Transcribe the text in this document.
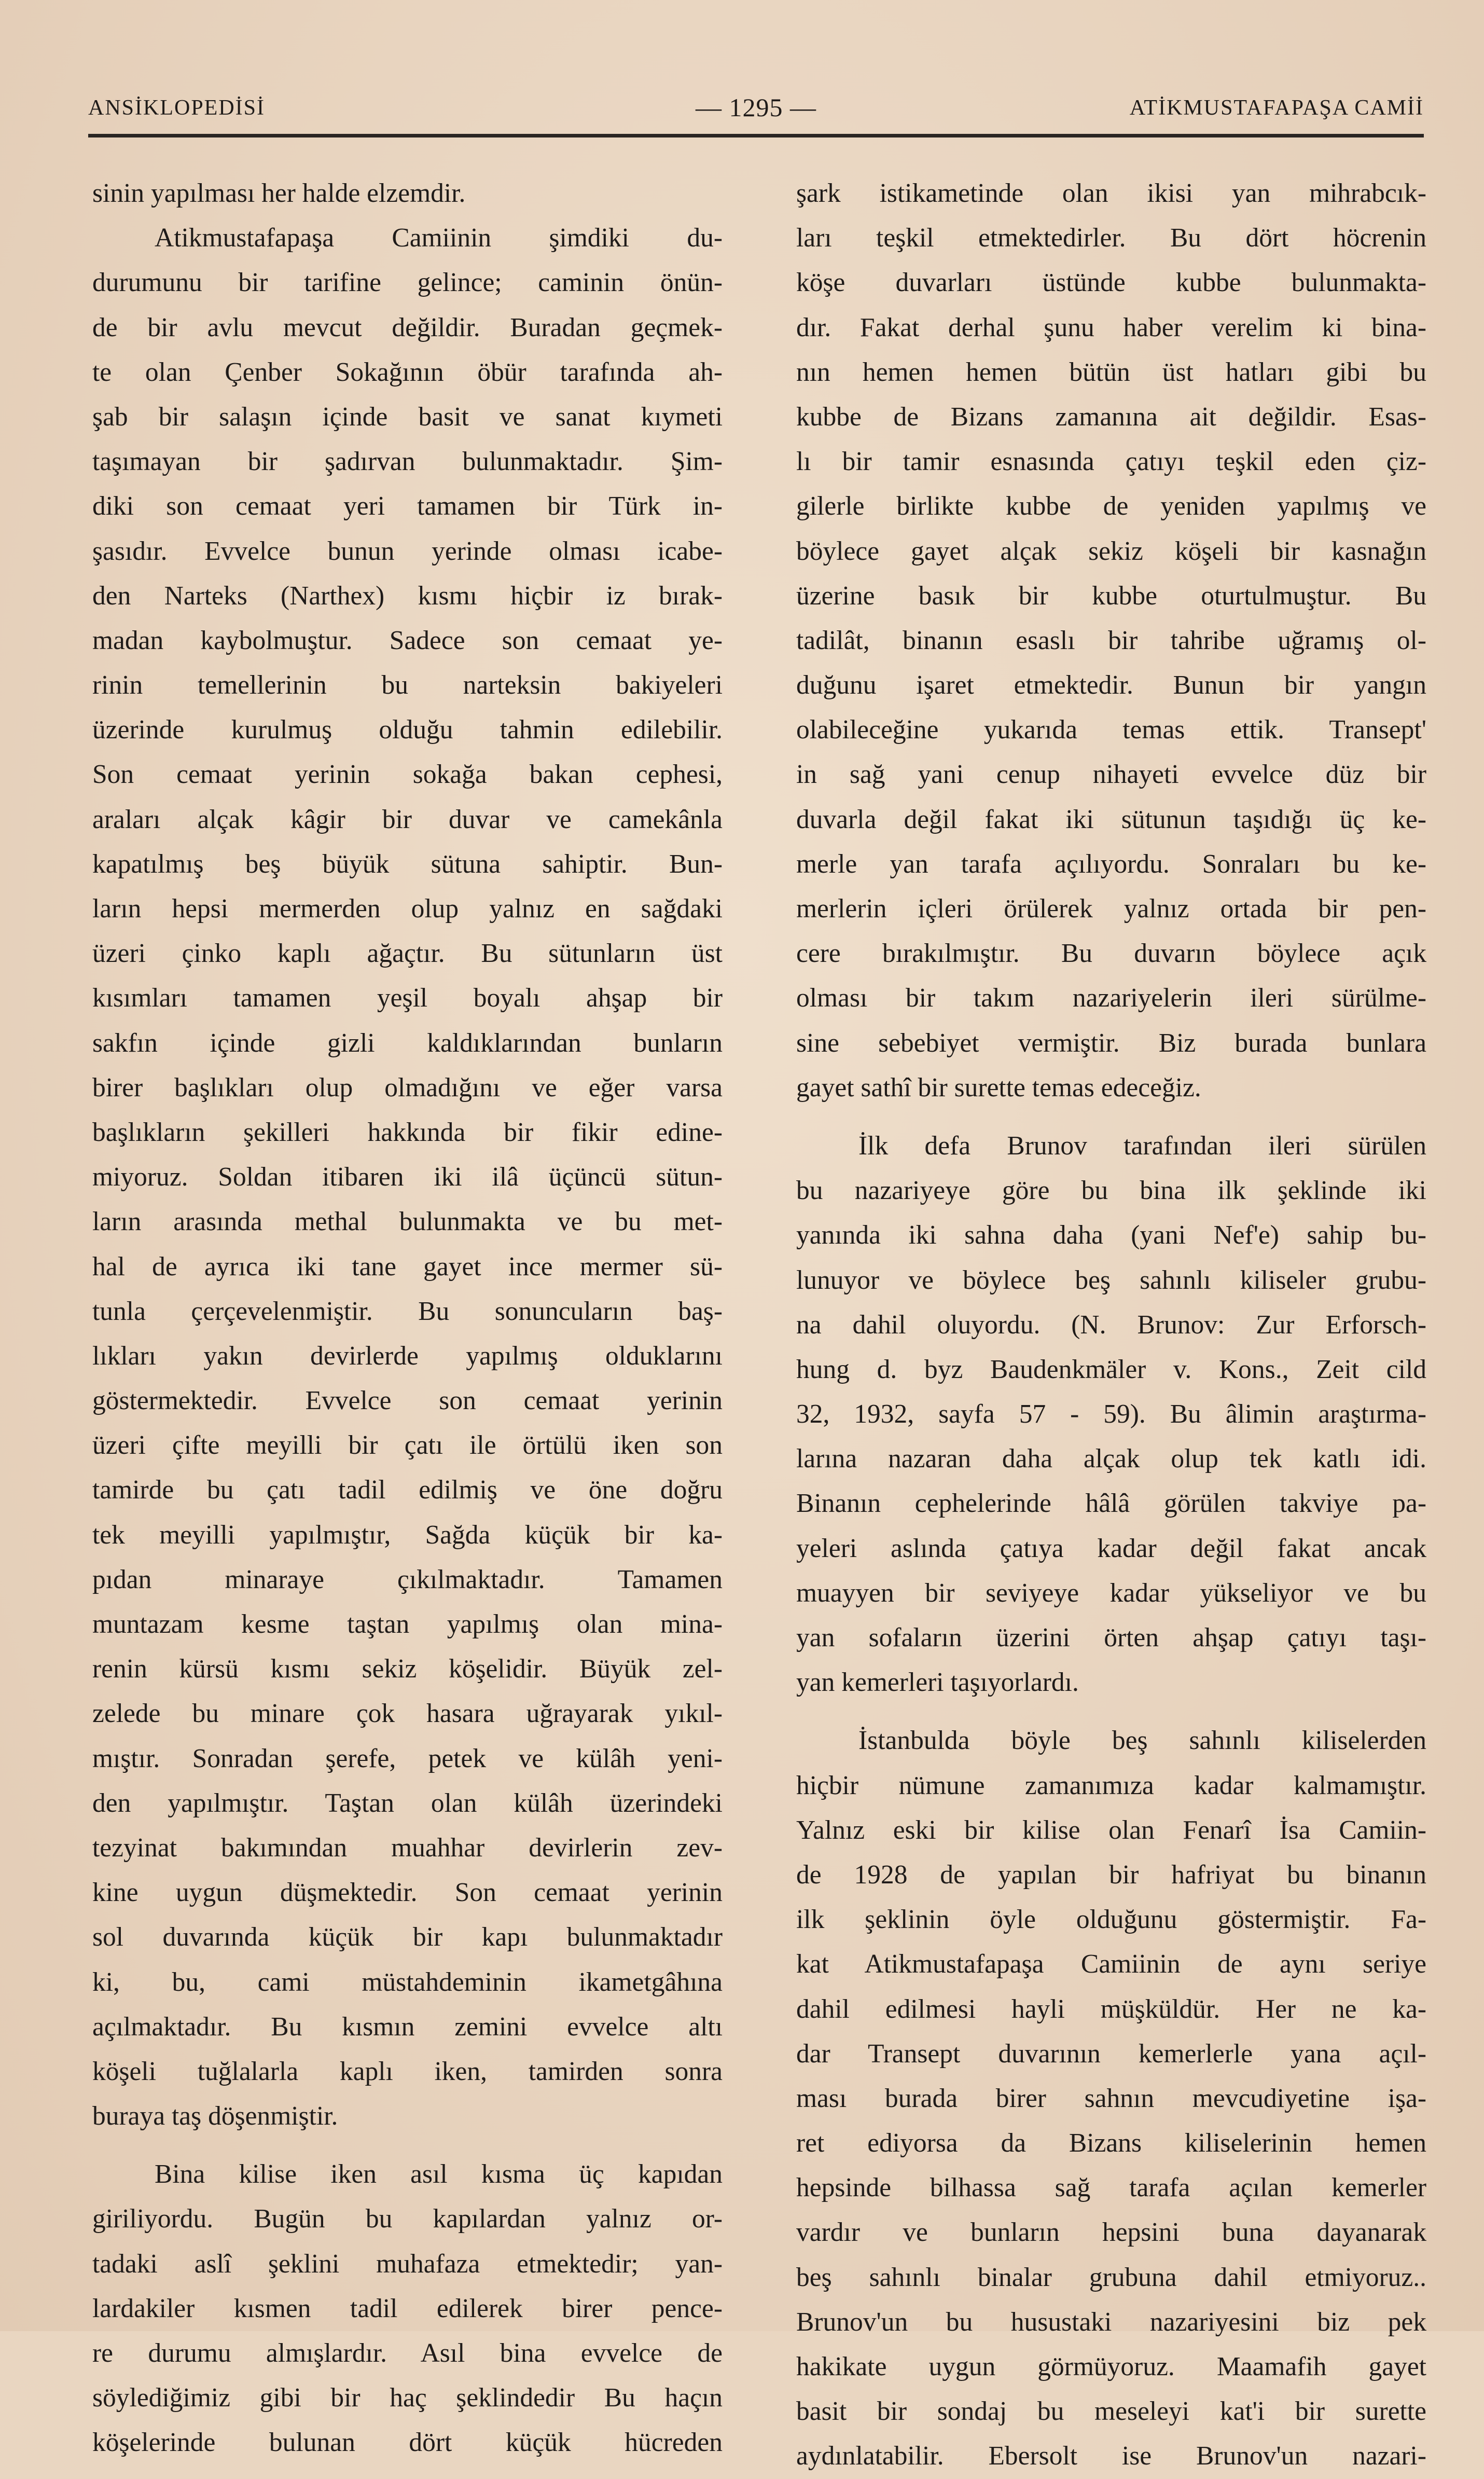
ANSİKLOPEDİSİ	— 1295 —	ATİKMUSTAFAPAŞA CAMİİ
sinin yapılması her halde elzemdir.
Atikmustafapaşa Camiinin şimdiki du-
durumunu bir tarifine gelince; caminin önün-
de bir avlu mevcut değildir. Buradan geçmek-
te olan Çenber Sokağının öbür tarafında ah-
şab bir salaşın içinde basit ve sanat kıymeti
taşımayan bir şadırvan bulunmaktadır. Şim-
diki son cemaat yeri tamamen bir Türk in-
şasıdır. Evvelce bunun yerinde olması icabe-
den Narteks (Narthex) kısmı hiçbir iz bırak-
madan kaybolmuştur. Sadece son cemaat ye-
rinin temellerinin bu narteksin bakiyeleri
üzerinde kurulmuş olduğu tahmin edilebilir.
Son cemaat yerinin sokağa bakan cephesi,
araları alçak kâgir bir duvar ve camekânla
kapatılmış beş büyük sütuna sahiptir. Bun-
ların hepsi mermerden olup yalnız en sağdaki
üzeri çinko kaplı ağaçtır. Bu sütunların üst
kısımları tamamen yeşil boyalı ahşap bir
sakfın içinde gizli kaldıklarından bunların
birer başlıkları olup olmadığını ve eğer varsa
başlıkların şekilleri hakkında bir fikir edine-
miyoruz. Soldan itibaren iki ilâ üçüncü sütun-
ların arasında methal bulunmakta ve bu met-
hal de ayrıca iki tane gayet ince mermer sü-
tunla çerçevelenmiştir. Bu sonuncuların baş-
lıkları yakın devirlerde yapılmış olduklarını
göstermektedir. Evvelce son cemaat yerinin
üzeri çifte meyilli bir çatı ile örtülü iken son
tamirde bu çatı tadil edilmiş ve öne doğru
tek meyilli yapılmıştır, Sağda küçük bir ka-
pıdan minaraye çıkılmaktadır. Tamamen
muntazam kesme taştan yapılmış olan mina-
renin kürsü kısmı sekiz köşelidir. Büyük zel-
zelede bu minare çok hasara uğrayarak yıkıl-
mıştır. Sonradan şerefe, petek ve külâh yeni-
den yapılmıştır. Taştan olan külâh üzerindeki
tezyinat bakımından muahhar devirlerin zev-
kine uygun düşmektedir. Son cemaat yerinin
sol duvarında küçük bir kapı bulunmaktadır
ki, bu, cami müstahdeminin ikametgâhına
açılmaktadır. Bu kısmın zemini evvelce altı
köşeli tuğlalarla kaplı iken, tamirden sonra
buraya taş döşenmiştir.
Bina kilise iken asıl kısma üç kapıdan
giriliyordu. Bugün bu kapılardan yalnız or-
tadaki aslî şeklini muhafaza etmektedir; yan-
lardakiler kısmen tadil edilerek birer pence-
re durumu almışlardır. Asıl bina evvelce de
söylediğimiz gibi bir haç şeklindedir Bu haçın
köşelerinde bulunan dört küçük hücreden
şark istikametinde olan ikisi yan mihrabcık-
ları teşkil etmektedirler. Bu dört höcrenin
köşe duvarları üstünde kubbe bulunmakta-
dır. Fakat derhal şunu haber verelim ki bina-
nın hemen hemen bütün üst hatları gibi bu
kubbe de Bizans zamanına ait değildir. Esas-
lı bir tamir esnasında çatıyı teşkil eden çiz-
gilerle birlikte kubbe de yeniden yapılmış ve
böylece gayet alçak sekiz köşeli bir kasnağın
üzerine basık bir kubbe oturtulmuştur. Bu
tadilât, binanın esaslı bir tahribe uğramış ol-
duğunu işaret etmektedir. Bunun bir yangın
olabileceğine yukarıda temas ettik. Transept'
in sağ yani cenup nihayeti evvelce düz bir
duvarla değil fakat iki sütunun taşıdığı üç ke-
merle yan tarafa açılıyordu. Sonraları bu ke-
merlerin içleri örülerek yalnız ortada bir pen-
cere bırakılmıştır. Bu duvarın böylece açık
olması bir takım nazariyelerin ileri sürülme-
sine sebebiyet vermiştir. Biz burada bunlara
gayet sathî bir surette temas edeceğiz.
İlk defa Brunov tarafından ileri sürülen
bu nazariyeye göre bu bina ilk şeklinde iki
yanında iki sahna daha (yani Nef'e) sahip bu-
lunuyor ve böylece beş sahınlı kiliseler grubu-
na dahil oluyordu. (N. Brunov: Zur Erforsch-
hung d. byz Baudenkmäler v. Kons., Zeit cild
32, 1932, sayfa 57 - 59). Bu âlimin araştırma-
larına nazaran daha alçak olup tek katlı idi.
Binanın cephelerinde hâlâ görülen takviye pa-
yeleri aslında çatıya kadar değil fakat ancak
muayyen bir seviyeye kadar yükseliyor ve bu
yan sofaların üzerini örten ahşap çatıyı taşı-
yan kemerleri taşıyorlardı.
İstanbulda böyle beş sahınlı kiliselerden
hiçbir nümune zamanımıza kadar kalmamıştır.
Yalnız eski bir kilise olan Fenarî İsa Camiin-
de 1928 de yapılan bir hafriyat bu binanın
ilk şeklinin öyle olduğunu göstermiştir. Fa-
kat Atikmustafapaşa Camiinin de aynı seriye
dahil edilmesi hayli müşküldür. Her ne ka-
dar Transept duvarının kemerlerle yana açıl-
ması burada birer sahnın mevcudiyetine işa-
ret ediyorsa da Bizans kiliselerinin hemen
hepsinde bilhassa sağ tarafa açılan kemerler
vardır ve bunların hepsini buna dayanarak
beş sahınlı binalar grubuna dahil etmiyoruz..
Brunov'un bu husustaki nazariyesini biz pek
hakikate uygun görmüyoruz. Maamafih gayet
basit bir sondaj bu meseleyi kat'i bir surette
aydınlatabilir. Ebersolt ise Brunov'un nazari-
